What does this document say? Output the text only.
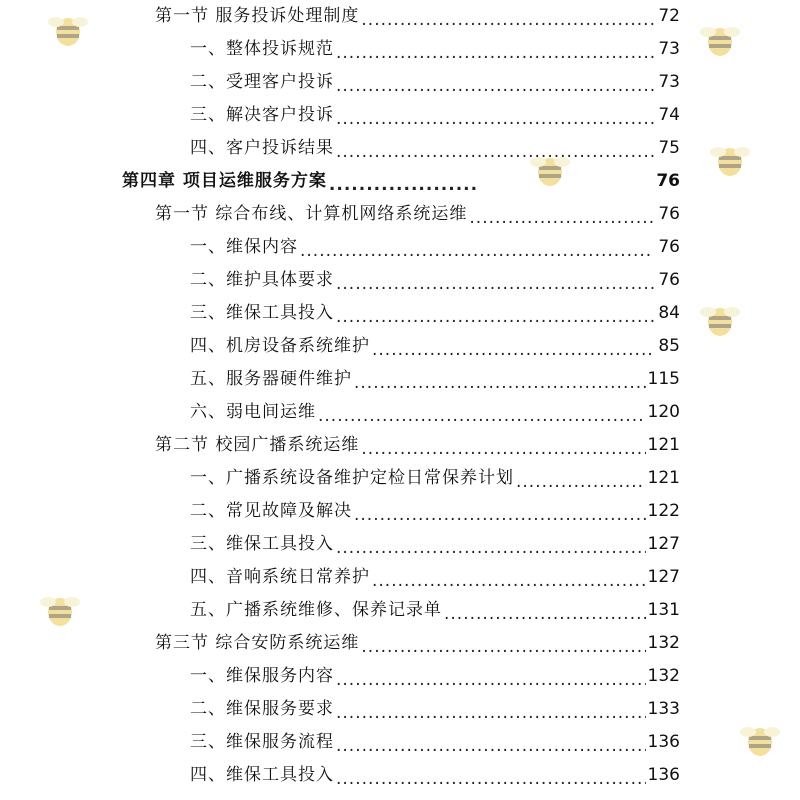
第一节 服务投诉处理制度 .....	72
一、整体投诉规范 .....	73
二、受理客户投诉 .....	73
三、解决客户投诉 .....	74
四、客户投诉结果 .....	75
第四章 项目运维服务方案 .....	76
第一节 综合布线、计算机网络系统运维 .....	76
一、维保内容 .....	76
二、维护具体要求 .....	76
三、维保工具投入 .....	84
四、机房设备系统维护 .....	85
五、服务器硬件维护 .....	115
六、弱电间运维 .....	120
第二节 校园广播系统运维 .....	121
一、广播系统设备维护定检日常保养计划 .....	121
二、常见故障及解决 .....	122
三、维保工具投入 .....	127
四、音响系统日常养护 .....	127
五、广播系统维修、保养记录单 .....	131
第三节 综合安防系统运维 .....	132
一、维保服务内容 .....	132
二、维保服务要求 .....	133
三、维保服务流程 .....	136
四、维保工具投入 .....	136
